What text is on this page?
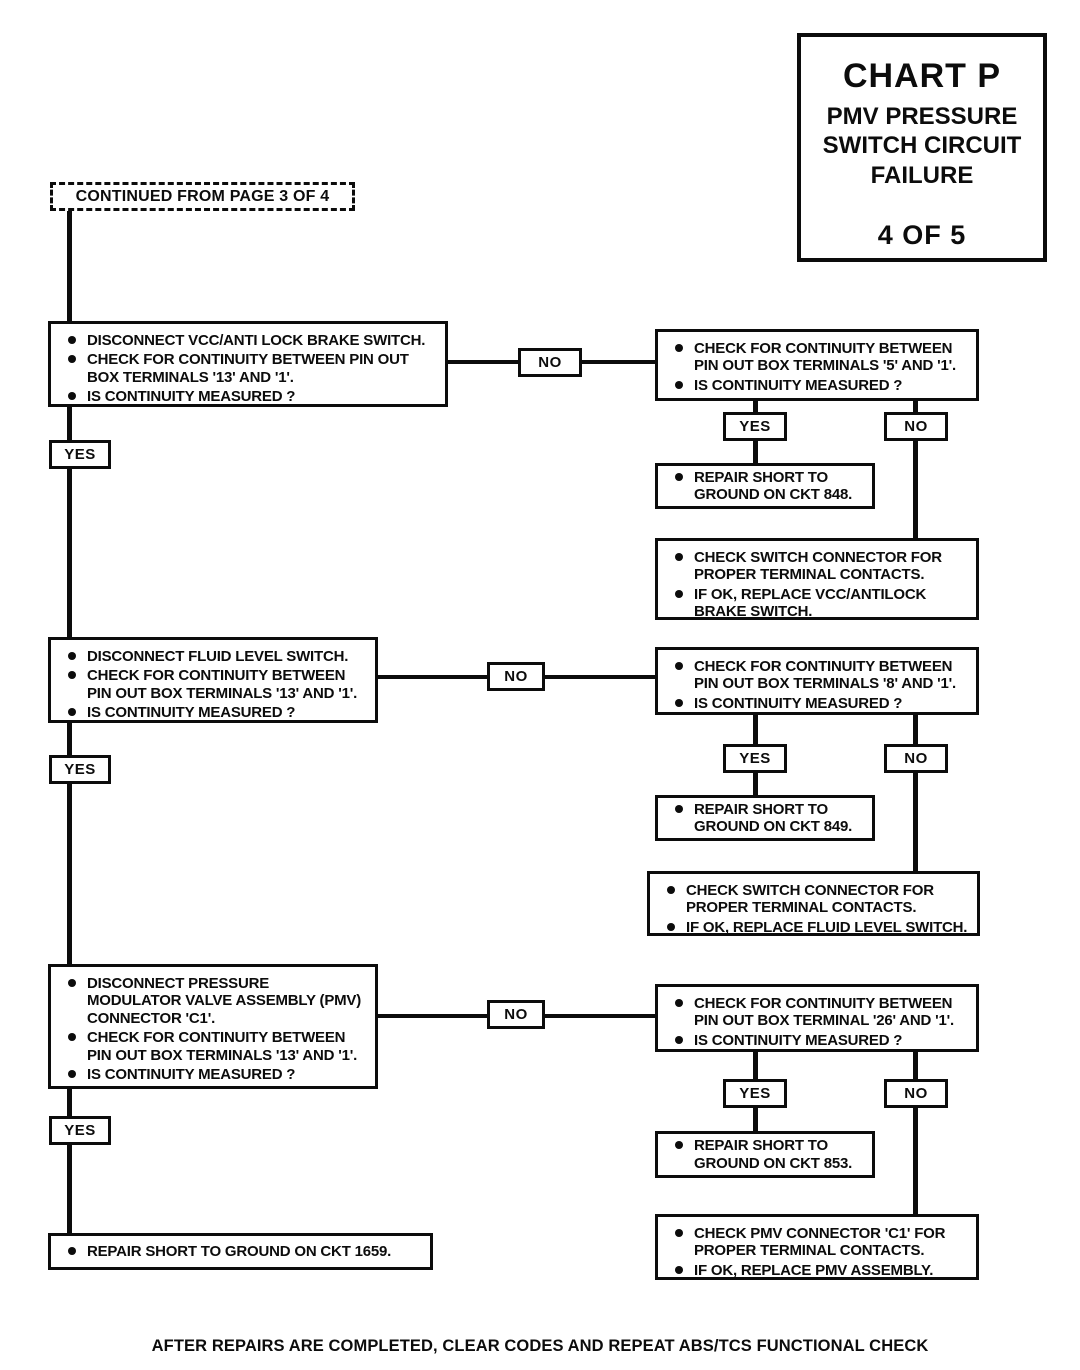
CHART P
PMV PRESSURE SWITCH CIRCUIT FAILURE
4 OF 5
CONTINUED FROM PAGE 3 OF 4
DISCONNECT VCC/ANTI LOCK BRAKE SWITCH.
CHECK FOR CONTINUITY BETWEEN PIN OUT BOX TERMINALS '13' AND '1'.
IS CONTINUITY MEASURED ?
NO
CHECK FOR CONTINUITY BETWEEN PIN OUT BOX TERMINALS '5' AND '1'.
IS CONTINUITY MEASURED ?
YES	NO
REPAIR SHORT TO GROUND ON CKT 848.
CHECK SWITCH CONNECTOR FOR PROPER TERMINAL CONTACTS.
IF OK, REPLACE VCC/ANTILOCK BRAKE SWITCH.
YES
DISCONNECT FLUID LEVEL SWITCH.
CHECK FOR CONTINUITY BETWEEN PIN OUT BOX TERMINALS '13' AND '1'.
IS CONTINUITY MEASURED ?
NO
CHECK FOR CONTINUITY BETWEEN PIN OUT BOX TERMINALS '8' AND '1'.
IS CONTINUITY MEASURED ?
YES	NO
REPAIR SHORT TO GROUND ON CKT 849.
CHECK SWITCH CONNECTOR FOR PROPER TERMINAL CONTACTS.
IF OK, REPLACE FLUID LEVEL SWITCH.
YES
DISCONNECT PRESSURE MODULATOR VALVE ASSEMBLY (PMV) CONNECTOR 'C1'.
CHECK FOR CONTINUITY BETWEEN PIN OUT BOX TERMINALS '13' AND '1'.
IS CONTINUITY MEASURED ?
NO
CHECK FOR CONTINUITY BETWEEN PIN OUT BOX TERMINAL '26' AND '1'.
IS CONTINUITY MEASURED ?
YES	NO
REPAIR SHORT TO GROUND ON CKT 853.
CHECK PMV CONNECTOR 'C1' FOR PROPER TERMINAL CONTACTS.
IF OK, REPLACE PMV ASSEMBLY.
YES
REPAIR SHORT TO GROUND ON CKT 1659.
AFTER REPAIRS ARE COMPLETED, CLEAR CODES AND REPEAT ABS/TCS FUNCTIONAL CHECK
